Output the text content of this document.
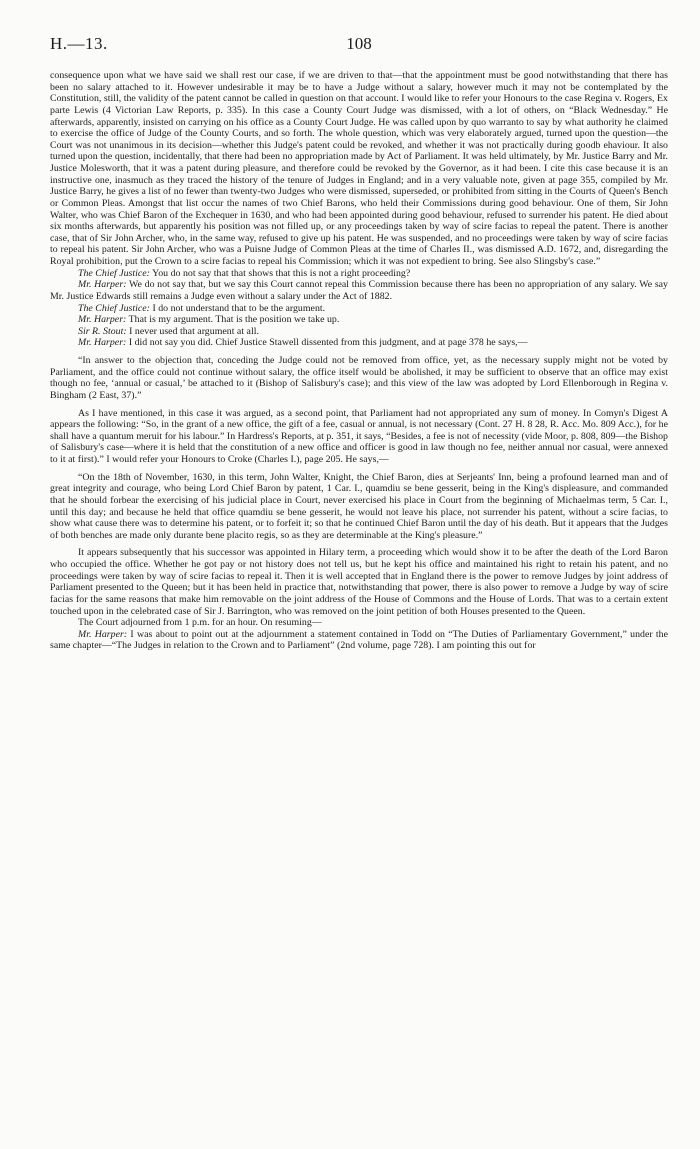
H.—13.	108

consequence upon what we have said we shall rest our case, if we are driven to that—that the appointment must be good notwithstanding that there has been no salary attached to it. However undesirable it may be to have a Judge without a salary, however much it may not be contemplated by the Constitution, still, the validity of the patent cannot be called in question on that account. I would like to refer your Honours to the case Regina v. Rogers, Ex parte Lewis (4 Victorian Law Reports, p. 335). In this case a County Court Judge was dismissed, with a lot of others, on “Black Wednesday.” He afterwards, apparently, insisted on carrying on his office as a County Court Judge. He was called upon by quo warranto to say by what authority he claimed to exercise the office of Judge of the County Courts, and so forth. The whole question, which was very elaborately argued, turned upon the question—the Court was not unanimous in its decision—whether this Judge's patent could be revoked, and whether it was not practically during goodb ehaviour. It also turned upon the question, incidentally, that there had been no appropriation made by Act of Parliament. It was held ultimately, by Mr. Justice Barry and Mr. Justice Molesworth, that it was a patent during pleasure, and therefore could be revoked by the Governor, as it had been. I cite this case because it is an instructive one, inasmuch as they traced the history of the tenure of Judges in England; and in a very valuable note, given at page 355, compiled by Mr. Justice Barry, he gives a list of no fewer than twenty-two Judges who were dismissed, superseded, or prohibited from sitting in the Courts of Queen's Bench or Common Pleas. Amongst that list occur the names of two Chief Barons, who held their Commissions during good behaviour. One of them, Sir John Walter, who was Chief Baron of the Exchequer in 1630, and who had been appointed during good behaviour, refused to surrender his patent. He died about six months afterwards, but apparently his position was not filled up, or any proceedings taken by way of scire facias to repeal the patent. There is another case, that of Sir John Archer, who, in the same way, refused to give up his patent. He was suspended, and no proceedings were taken by way of scire facias to repeal his patent. Sir John Archer, who was a Puisne Judge of Common Pleas at the time of Charles II., was dismissed A.D. 1672, and, disregarding the Royal prohibition, put the Crown to a scire facias to repeal his Commission; which it was not expedient to bring. See also Slingsby's case.”

The Chief Justice: You do not say that that shows that this is not a right proceeding?

Mr. Harper: We do not say that, but we say this Court cannot repeal this Commission because there has been no appropriation of any salary. We say Mr. Justice Edwards still remains a Judge even without a salary under the Act of 1882.

The Chief Justice: I do not understand that to be the argument.

Mr. Harper: That is my argument. That is the position we take up.

Sir R. Stout: I never used that argument at all.

Mr. Harper: I did not say you did. Chief Justice Stawell dissented from this judgment, and at page 378 he says,—

“In answer to the objection that, conceding the Judge could not be removed from office, yet, as the necessary supply might not be voted by Parliament, and the office could not continue without salary, the office itself would be abolished, it may be sufficient to observe that an office may exist though no fee, ‘annual or casual,’ be attached to it (Bishop of Salisbury's case); and this view of the law was adopted by Lord Ellenborough in Regina v. Bingham (2 East, 37).”

As I have mentioned, in this case it was argued, as a second point, that Parliament had not appropriated any sum of money. In Comyn's Digest A appears the following: “So, in the grant of a new office, the gift of a fee, casual or annual, is not necessary (Cont. 27 H. 8 28, R. Acc. Mo. 809 Acc.), for he shall have a quantum meruit for his labour.” In Hardress's Reports, at p. 351, it says, “Besides, a fee is not of necessity (vide Moor, p. 808, 809—the Bishop of Salisbury's case—where it is held that the constitution of a new office and officer is good in law though no fee, neither annual nor casual, were annexed to it at first).” I would refer your Honours to Croke (Charles I.), page 205. He says,—

“On the 18th of November, 1630, in this term, John Walter, Knight, the Chief Baron, dies at Serjeants' Inn, being a profound learned man and of great integrity and courage, who being Lord Chief Baron by patent, 1 Car. I., quamdiu se bene gesserit, being in the King's displeasure, and commanded that he should forbear the exercising of his judicial place in Court, never exercised his place in Court from the beginning of Michaelmas term, 5 Car. I., until this day; and because he held that office quamdiu se bene gesserit, he would not leave his place, not surrender his patent, without a scire facias, to show what cause there was to determine his patent, or to forfeit it; so that he continued Chief Baron until the day of his death. But it appears that the Judges of both benches are made only durante bene placito regis, so as they are determinable at the King's pleasure.”

It appears subsequently that his successor was appointed in Hilary term, a proceeding which would show it to be after the death of the Lord Baron who occupied the office. Whether he got pay or not history does not tell us, but he kept his office and maintained his right to retain his patent, and no proceedings were taken by way of scire facias to repeal it. Then it is well accepted that in England there is the power to remove Judges by joint address of Parliament presented to the Queen; but it has been held in practice that, notwithstanding that power, there is also power to remove a Judge by way of scire facias for the same reasons that make him removable on the joint address of the House of Commons and the House of Lords. That was to a certain extent touched upon in the celebrated case of Sir J. Barrington, who was removed on the joint petition of both Houses presented to the Queen.

The Court adjourned from 1 p.m. for an hour. On resuming—

Mr. Harper: I was about to point out at the adjournment a statement contained in Todd on “The Duties of Parliamentary Government,” under the same chapter—“The Judges in relation to the Crown and to Parliament” (2nd volume, page 728). I am pointing this out for
